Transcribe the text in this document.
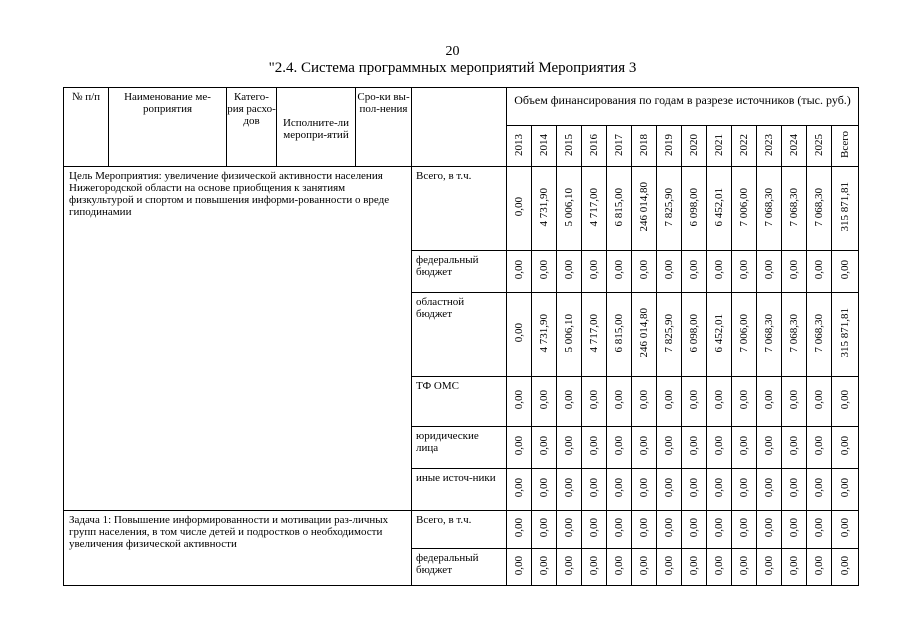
20
"2.4. Система программных мероприятий Мероприятия 3
№ п/п	Наименование ме-роприятия	Катего-рия расхо-дов	Исполните-ли меропри-ятий	Сро-ки вы-пол-нения		Объем финансирования по годам в разрезе источников (тыс. руб.)													
						2013	2014	2015	2016	2017	2018	2019	2020	2021	2022	2023	2024	2025	Всего
Цель Мероприятия: увеличение физической активности населения Нижегородской области на основе приобщения к занятиям физкультурой и спортом и повышения информи-рованности о вреде гиподинамии					Всего, в т.ч.	0,00	4 731,90	5 006,10	4 717,00	6 815,00	246 014,80	7 825,90	6 098,00	6 452,01	7 006,00	7 068,30	7 068,30	7 068,30	315 871,81
					федеральный бюджет	0,00	0,00	0,00	0,00	0,00	0,00	0,00	0,00	0,00	0,00	0,00	0,00	0,00	0,00
					областной бюджет	0,00	4 731,90	5 006,10	4 717,00	6 815,00	246 014,80	7 825,90	6 098,00	6 452,01	7 006,00	7 068,30	7 068,30	7 068,30	315 871,81
					ТФ ОМС	0,00	0,00	0,00	0,00	0,00	0,00	0,00	0,00	0,00	0,00	0,00	0,00	0,00	0,00
					юридические лица	0,00	0,00	0,00	0,00	0,00	0,00	0,00	0,00	0,00	0,00	0,00	0,00	0,00	0,00
					иные источ-ники	0,00	0,00	0,00	0,00	0,00	0,00	0,00	0,00	0,00	0,00	0,00	0,00	0,00	0,00
Задача 1: Повышение информированности и мотивации раз-личных групп населения, в том числе детей и подростков о необходимости увеличения физической активности					Всего, в т.ч.	0,00	0,00	0,00	0,00	0,00	0,00	0,00	0,00	0,00	0,00	0,00	0,00	0,00	0,00
					федеральный бюджет	0,00	0,00	0,00	0,00	0,00	0,00	0,00	0,00	0,00	0,00	0,00	0,00	0,00	0,00
